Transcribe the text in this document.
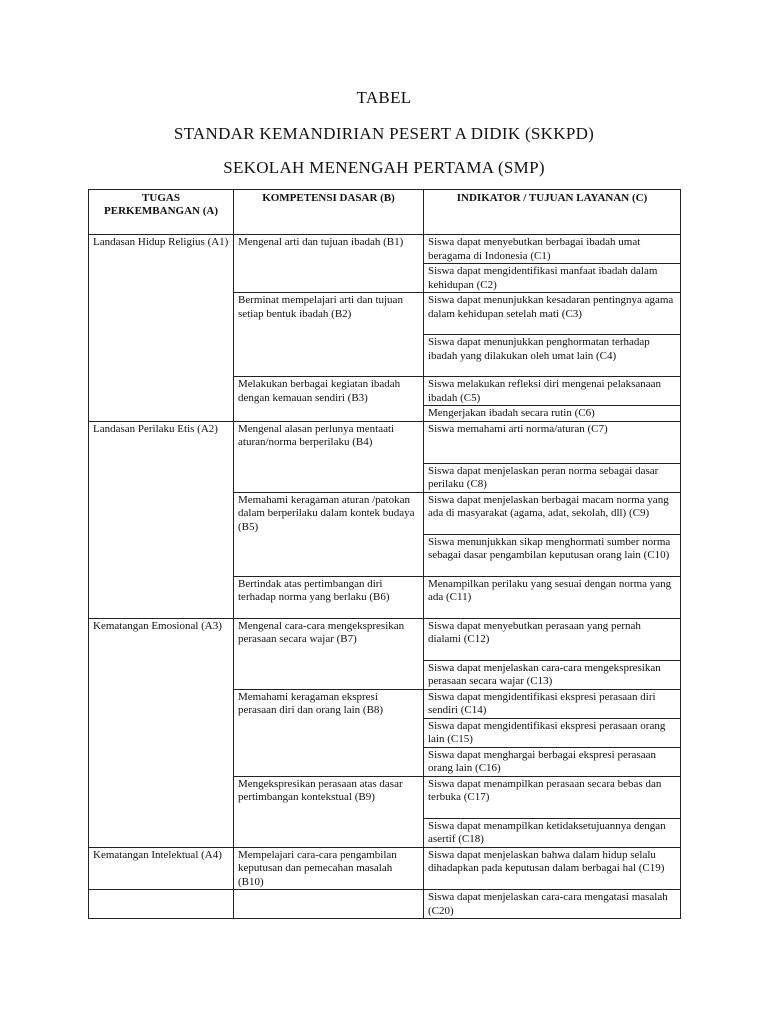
TABEL
STANDAR KEMANDIRIAN PESERT A DIDIK (SKKPD)
SEKOLAH MENENGAH PERTAMA (SMP)
TUGAS PERKEMBANGAN (A)	KOMPETENSI DASAR (B)	INDIKATOR / TUJUAN LAYANAN (C)
Landasan Hidup Religius (A1)	Mengenal arti dan tujuan ibadah (B1)	Siswa dapat menyebutkan berbagai ibadah umat beragama di Indonesia (C1)
		Siswa dapat mengidentifikasi manfaat ibadah dalam kehidupan (C2)
	Berminat mempelajari arti dan tujuan setiap bentuk ibadah (B2)	Siswa dapat menunjukkan kesadaran pentingnya agama dalam kehidupan setelah mati (C3)
		Siswa dapat menunjukkan penghormatan terhadap ibadah yang dilakukan oleh umat lain (C4)
	Melakukan berbagai kegiatan ibadah dengan kemauan sendiri (B3)	Siswa melakukan refleksi diri mengenai pelaksanaan ibadah (C5)
		Mengerjakan ibadah secara rutin (C6)
Landasan Perilaku Etis (A2)	Mengenal alasan perlunya mentaati aturan/norma berperilaku (B4)	Siswa memahami arti norma/aturan (C7)
		Siswa dapat menjelaskan peran norma sebagai dasar perilaku (C8)
	Memahami keragaman aturan /patokan dalam berperilaku dalam kontek budaya (B5)	Siswa dapat menjelaskan berbagai macam norma yang ada di masyarakat (agama, adat, sekolah, dll) (C9)
		Siswa menunjukkan sikap menghormati sumber norma sebagai dasar pengambilan keputusan orang lain (C10)
	Bertindak atas pertimbangan diri terhadap norma yang berlaku (B6)	Menampilkan perilaku yang sesuai dengan norma yang ada (C11)
Kematangan Emosional (A3)	Mengenal cara-cara mengekspresikan perasaan secara wajar (B7)	Siswa dapat menyebutkan perasaan yang pernah dialami (C12)
		Siswa dapat menjelaskan cara-cara mengekspresikan perasaan secara wajar (C13)
	Memahami keragaman ekspresi perasaan diri dan orang lain (B8)	Siswa dapat mengidentifikasi ekspresi perasaan diri sendiri (C14)
		Siswa dapat mengidentifikasi ekspresi perasaan orang lain (C15)
		Siswa dapat menghargai berbagai ekspresi perasaan orang lain (C16)
	Mengekspresikan perasaan atas dasar pertimbangan kontekstual (B9)	Siswa dapat menampilkan perasaan secara bebas dan terbuka (C17)
		Siswa dapat menampilkan ketidaksetujuannya dengan asertif (C18)
Kematangan Intelektual (A4)	Mempelajari cara-cara pengambilan keputusan dan pemecahan masalah (B10)	Siswa dapat menjelaskan bahwa dalam hidup selalu dihadapkan pada keputusan dalam berbagai hal (C19)
		Siswa dapat menjelaskan cara-cara mengatasi masalah (C20)
